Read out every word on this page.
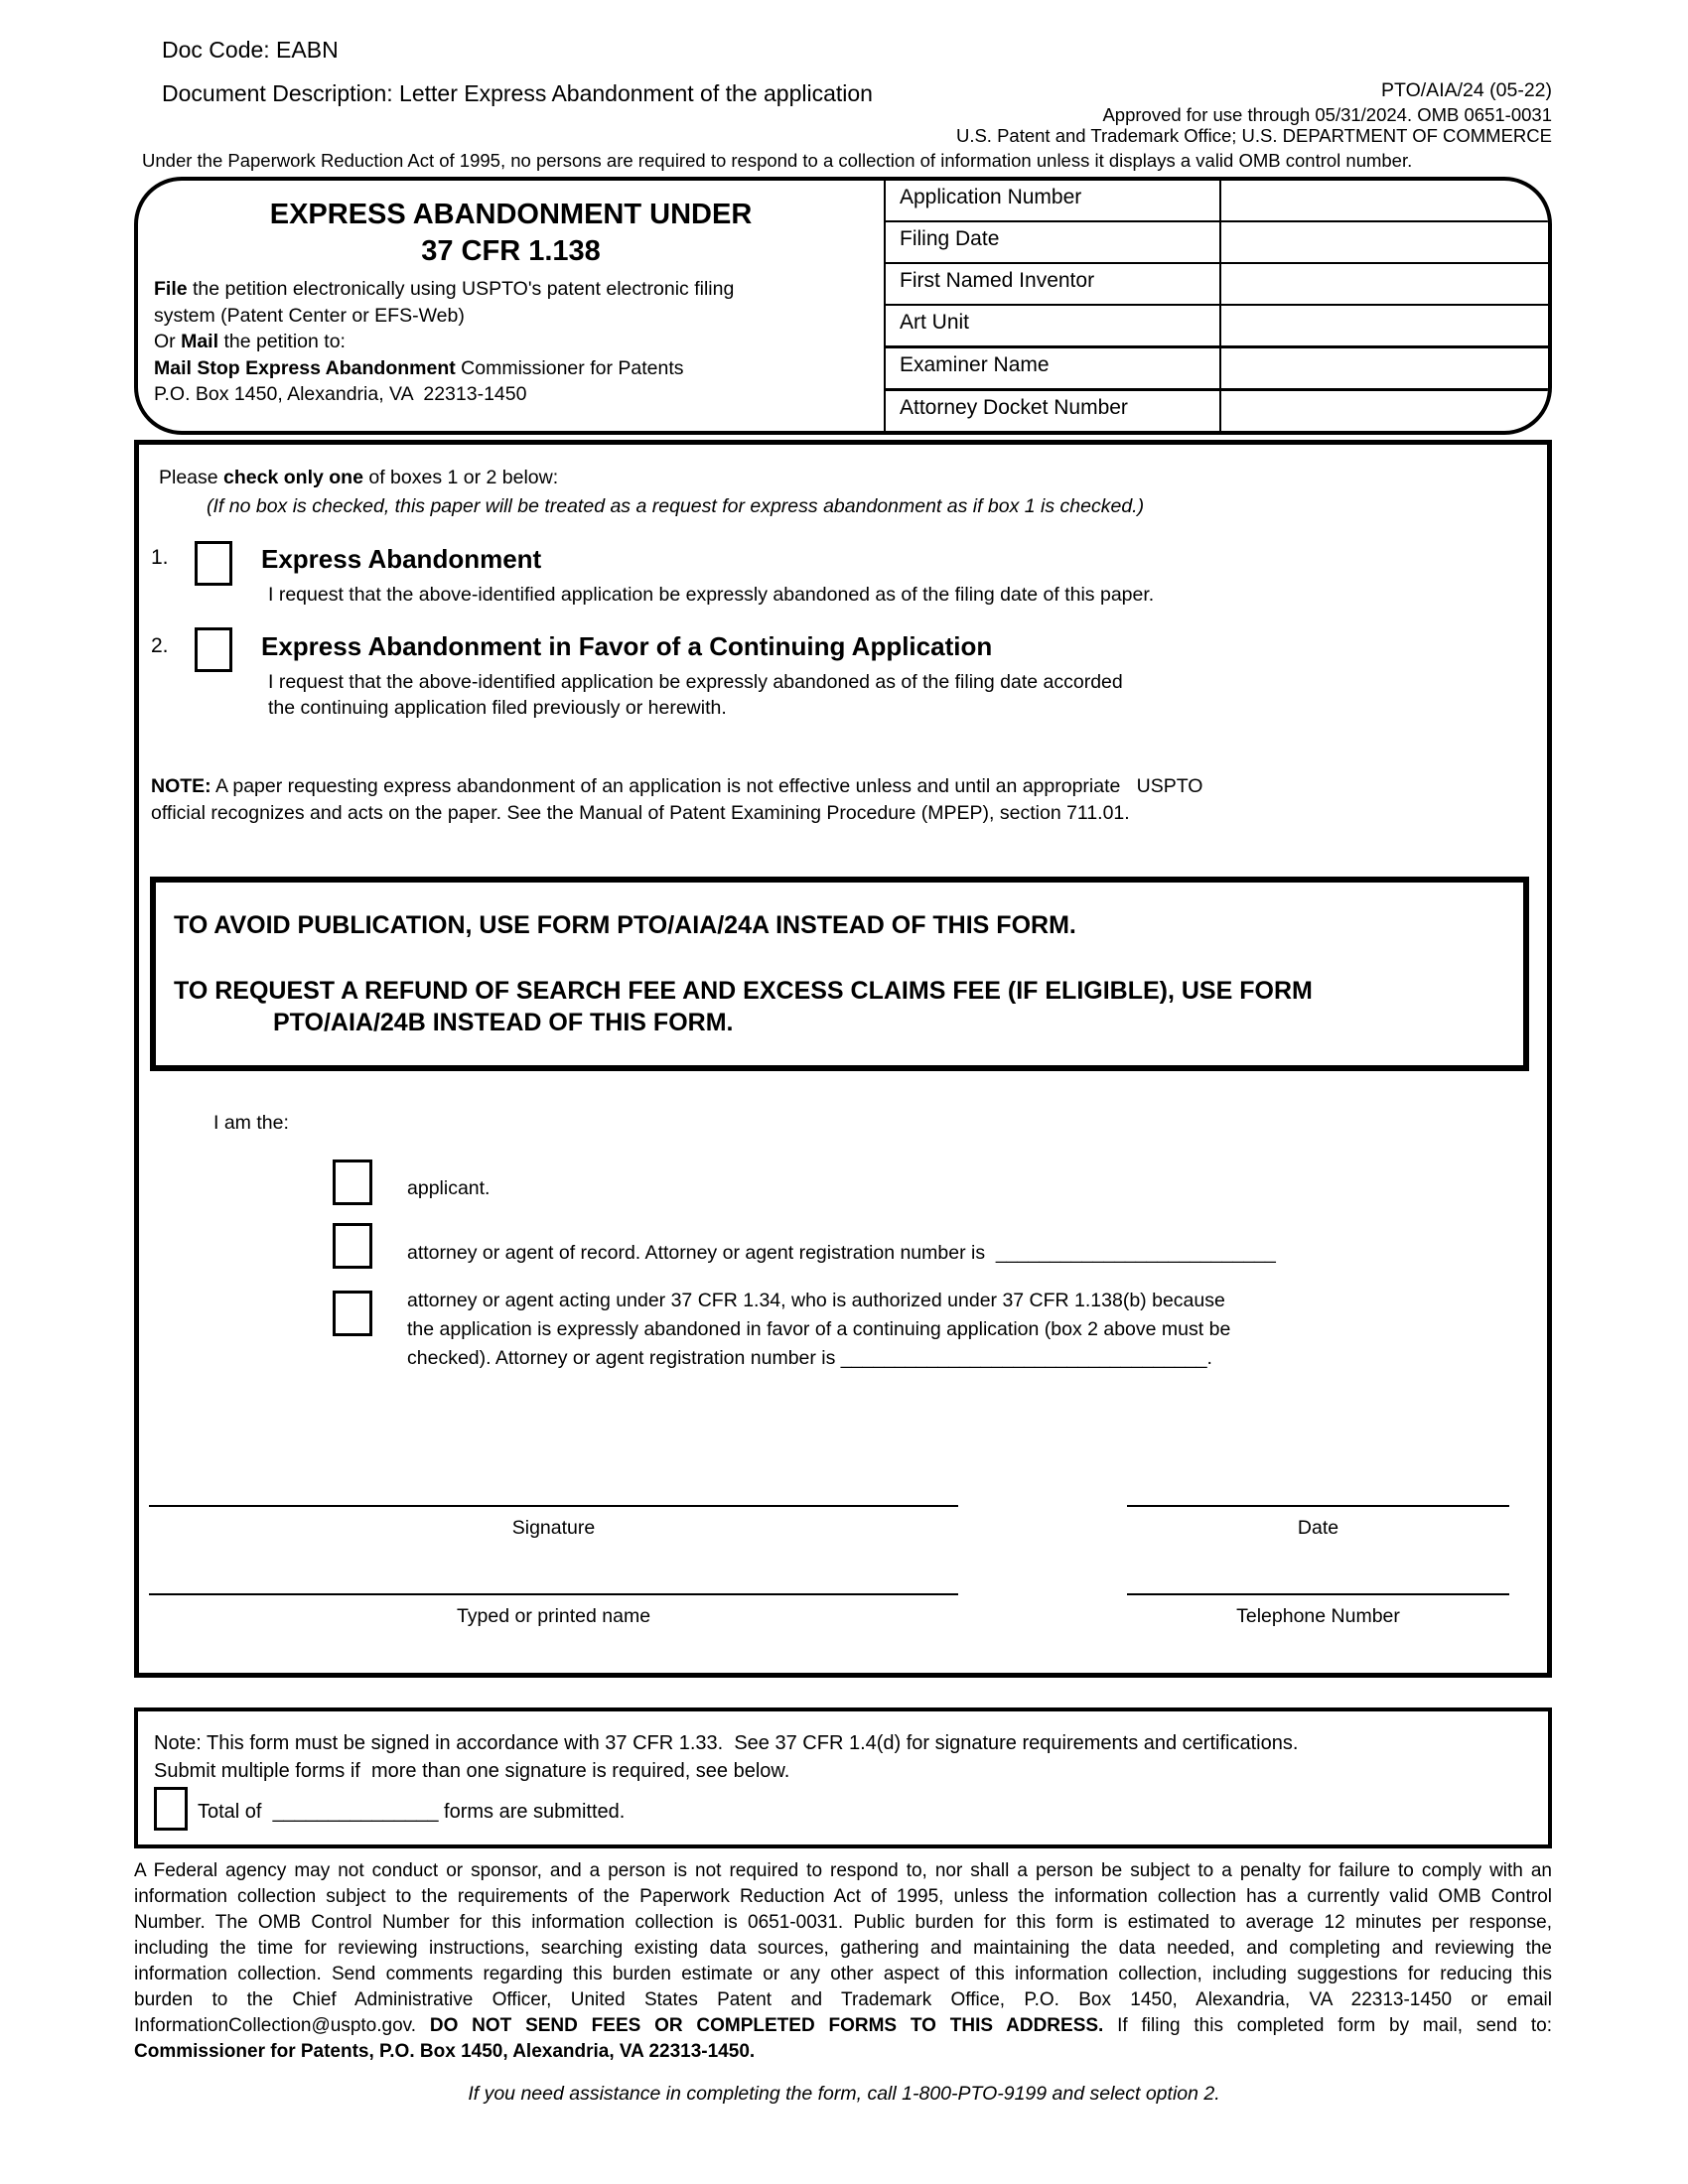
Doc Code: EABN
Document Description: Letter Express Abandonment of the application	PTO/AIA/24 (05-22)
Approved for use through 05/31/2024. OMB 0651-0031
U.S. Patent and Trademark Office; U.S. DEPARTMENT OF COMMERCE
Under the Paperwork Reduction Act of 1995, no persons are required to respond to a collection of information unless it displays a valid OMB control number.
EXPRESS ABANDONMENT UNDER
37 CFR 1.138
File the petition electronically using USPTO's patent electronic filing
system (Patent Center or EFS-Web)
Or Mail the petition to:
Mail Stop Express Abandonment Commissioner for Patents
P.O. Box 1450, Alexandria, VA  22313-1450
Application Number
Filing Date
First Named Inventor
Art Unit
Examiner Name
Attorney Docket Number
Please check only one of boxes 1 or 2 below:
(If no box is checked, this paper will be treated as a request for express abandonment as if box 1 is checked.)
1.	Express Abandonment
I request that the above-identified application be expressly abandoned as of the filing date of this paper.
2.	Express Abandonment in Favor of a Continuing Application
I request that the above-identified application be expressly abandoned as of the filing date accorded
the continuing application filed previously or herewith.
NOTE: A paper requesting express abandonment of an application is not effective unless and until an appropriate   USPTO
official recognizes and acts on the paper. See the Manual of Patent Examining Procedure (MPEP), section 711.01.
TO AVOID PUBLICATION, USE FORM PTO/AIA/24A INSTEAD OF THIS FORM.
TO REQUEST A REFUND OF SEARCH FEE AND EXCESS CLAIMS FEE (IF ELIGIBLE), USE FORM
PTO/AIA/24B INSTEAD OF THIS FORM.
I am the:
applicant.
attorney or agent of record. Attorney or agent registration number is  __________________________
attorney or agent acting under 37 CFR 1.34, who is authorized under 37 CFR 1.138(b) because
the application is expressly abandoned in favor of a continuing application (box 2 above must be
checked). Attorney or agent registration number is __________________________________.
Signature	Date
Typed or printed name	Telephone Number
Note: This form must be signed in accordance with 37 CFR 1.33.  See 37 CFR 1.4(d) for signature requirements and certifications.
Submit multiple forms if  more than one signature is required, see below.
Total of  _______________ forms are submitted.
A Federal agency may not conduct or sponsor, and a person is not required to respond to, nor shall a person be subject to a penalty for failure to comply with an
information collection subject to the requirements of the Paperwork Reduction Act of 1995, unless the information collection has a currently valid OMB Control
Number. The OMB Control Number for this information collection is 0651-0031. Public burden for this form is estimated to average 12 minutes per response,
including the time for reviewing instructions, searching existing data sources, gathering and maintaining the data needed, and completing and reviewing the
information collection. Send comments regarding this burden estimate or any other aspect of this information collection, including suggestions for reducing this
burden to the Chief Administrative Officer, United States Patent and Trademark Office, P.O. Box 1450, Alexandria, VA 22313-1450 or email
InformationCollection@uspto.gov. DO NOT SEND FEES OR COMPLETED FORMS TO THIS ADDRESS. If filing this completed form by mail, send to:
Commissioner for Patents, P.O. Box 1450, Alexandria, VA 22313-1450.
If you need assistance in completing the form, call 1-800-PTO-9199 and select option 2.
